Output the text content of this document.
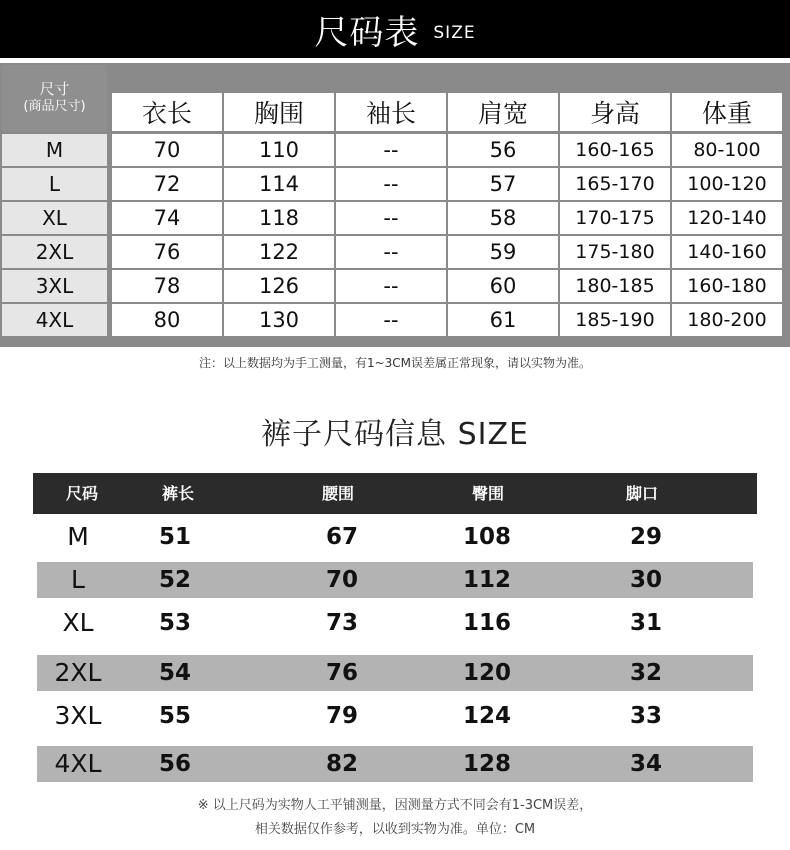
尺码表 SIZE
尺寸
(商品尺寸)	衣长	胸围	袖长	肩宽	身高	体重
M	70	110	--	56	160-165	80-100
L	72	114	--	57	165-170	100-120
XL	74	118	--	58	170-175	120-140
2XL	76	122	--	59	175-180	140-160
3XL	78	126	--	60	180-185	160-180
4XL	80	130	--	61	185-190	180-200
注：以上数据均为手工测量，有1~3CM误差属正常现象，请以实物为准。
裤子尺码信息 SIZE
尺码	裤长	腰围	臀围	脚口
M	51	67	108	29
L	52	70	112	30
XL	53	73	116	31
2XL	54	76	120	32
3XL	55	79	124	33
4XL	56	82	128	34
※ 以上尺码为实物人工平铺测量，因测量方式不同会有1-3CM误差，
相关数据仅作参考，以收到实物为准。单位：CM
